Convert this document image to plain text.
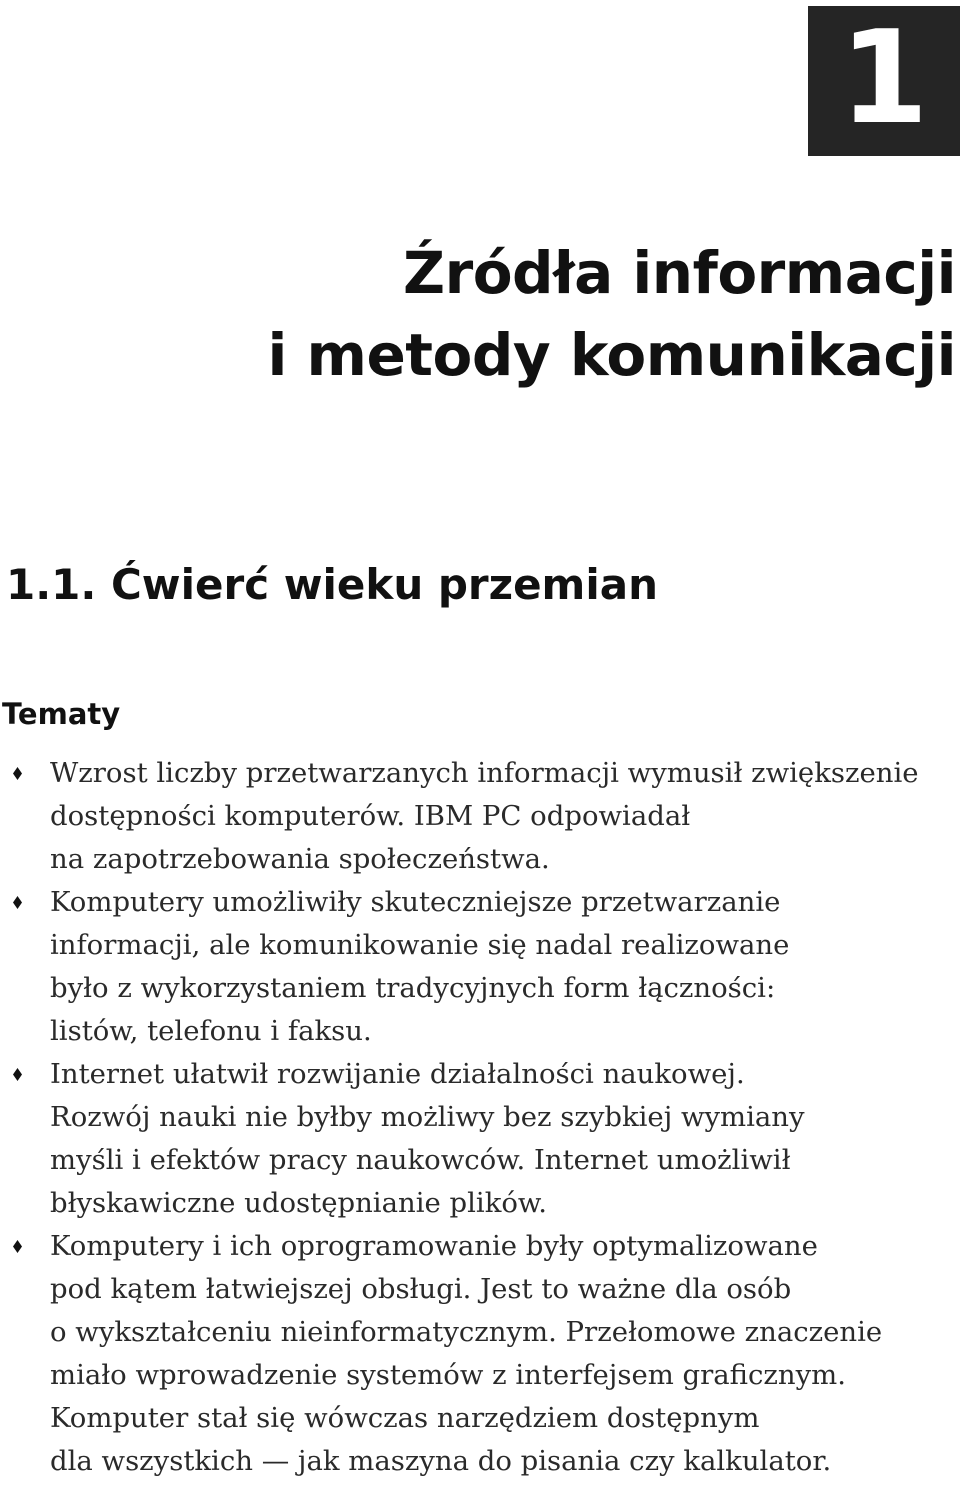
1
Źródła informacji
i metody komunikacji
1.1. Ćwierć wieku przemian
Tematy
Wzrost liczby przetwarzanych informacji wymusił zwiększenie
dostępności komputerów. IBM PC odpowiadał
na zapotrzebowania społeczeństwa.
Komputery umożliwiły skuteczniejsze przetwarzanie
informacji, ale komunikowanie się nadal realizowane
było z wykorzystaniem tradycyjnych form łączności:
listów, telefonu i faksu.
Internet ułatwił rozwijanie działalności naukowej.
Rozwój nauki nie byłby możliwy bez szybkiej wymiany
myśli i efektów pracy naukowców. Internet umożliwił
błyskawiczne udostępnianie plików.
Komputery i ich oprogramowanie były optymalizowane
pod kątem łatwiejszej obsługi. Jest to ważne dla osób
o wykształceniu nieinformatycznym. Przełomowe znaczenie
miało wprowadzenie systemów z interfejsem graficznym.
Komputer stał się wówczas narzędziem dostępnym
dla wszystkich — jak maszyna do pisania czy kalkulator.
